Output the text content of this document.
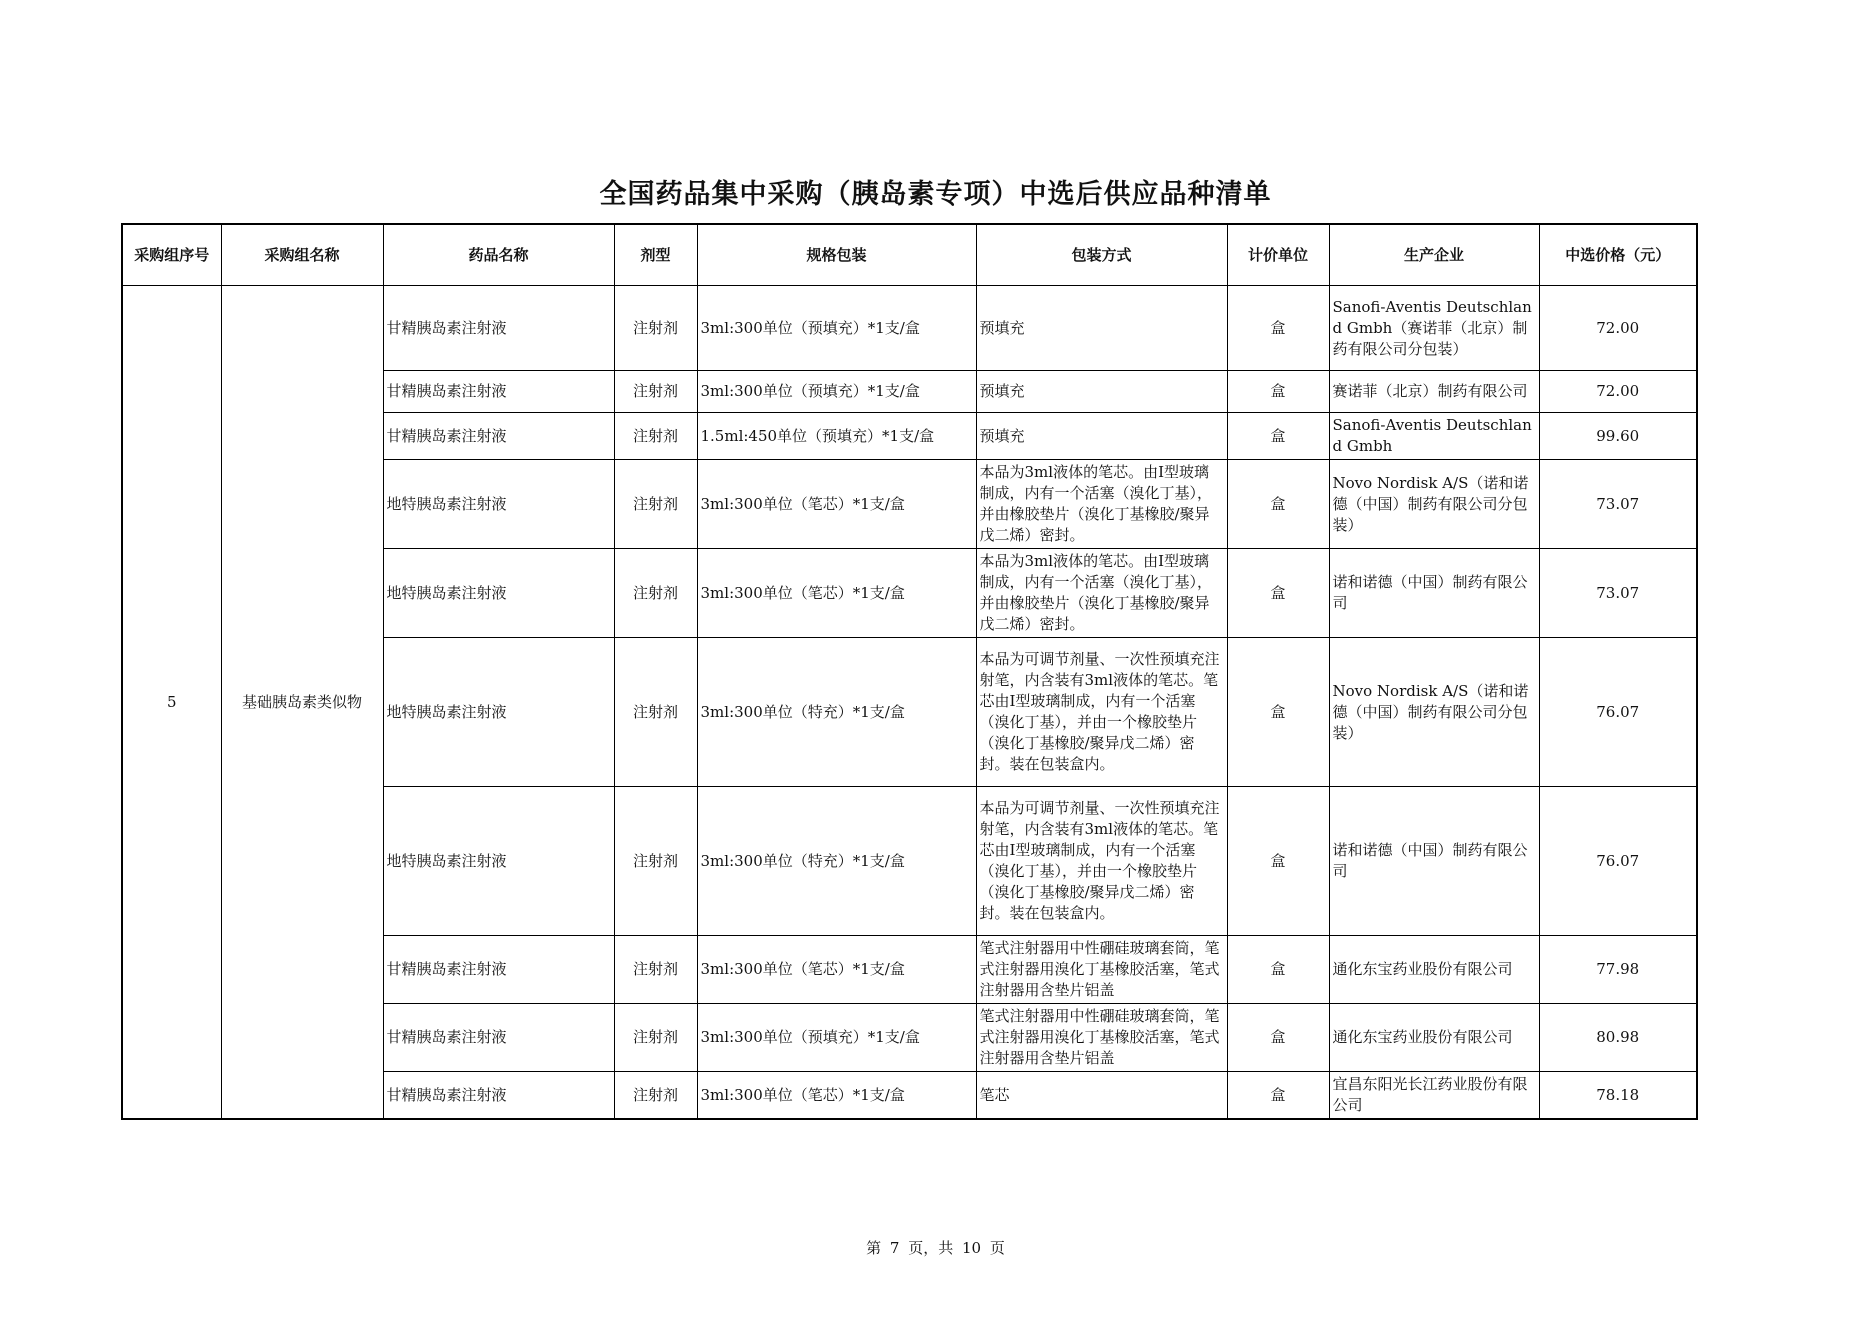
全国药品集中采购（胰岛素专项）中选后供应品种清单
采购组序号	采购组名称	药品名称	剂型	规格包装	包装方式	计价单位	生产企业	中选价格（元）
5	基础胰岛素类似物	甘精胰岛素注射液	注射剂	3ml:300单位（预填充）*1支/盒	预填充	盒	Sanofi-Aventis Deutschland Gmbh（赛诺菲（北京）制药有限公司分包装）	72.00
		甘精胰岛素注射液	注射剂	3ml:300单位（预填充）*1支/盒	预填充	盒	赛诺菲（北京）制药有限公司	72.00
		甘精胰岛素注射液	注射剂	1.5ml:450单位（预填充）*1支/盒	预填充	盒	Sanofi-Aventis Deutschland Gmbh	99.60
		地特胰岛素注射液	注射剂	3ml:300单位（笔芯）*1支/盒	本品为3ml液体的笔芯。由I型玻璃制成，内有一个活塞（溴化丁基），并由橡胶垫片（溴化丁基橡胶/聚异戊二烯）密封。	盒	Novo Nordisk A/S（诺和诺德（中国）制药有限公司分包装）	73.07
		地特胰岛素注射液	注射剂	3ml:300单位（笔芯）*1支/盒	本品为3ml液体的笔芯。由I型玻璃制成，内有一个活塞（溴化丁基），并由橡胶垫片（溴化丁基橡胶/聚异戊二烯）密封。	盒	诺和诺德（中国）制药有限公司	73.07
		地特胰岛素注射液	注射剂	3ml:300单位（特充）*1支/盒	本品为可调节剂量、一次性预填充注射笔，内含装有3ml液体的笔芯。笔芯由I型玻璃制成，内有一个活塞（溴化丁基），并由一个橡胶垫片（溴化丁基橡胶/聚异戊二烯）密封。装在包装盒内。	盒	Novo Nordisk A/S（诺和诺德（中国）制药有限公司分包装）	76.07
		地特胰岛素注射液	注射剂	3ml:300单位（特充）*1支/盒	本品为可调节剂量、一次性预填充注射笔，内含装有3ml液体的笔芯。笔芯由I型玻璃制成，内有一个活塞（溴化丁基），并由一个橡胶垫片（溴化丁基橡胶/聚异戊二烯）密封。装在包装盒内。	盒	诺和诺德（中国）制药有限公司	76.07
		甘精胰岛素注射液	注射剂	3ml:300单位（笔芯）*1支/盒	笔式注射器用中性硼硅玻璃套筒，笔式注射器用溴化丁基橡胶活塞，笔式注射器用含垫片铝盖	盒	通化东宝药业股份有限公司	77.98
		甘精胰岛素注射液	注射剂	3ml:300单位（预填充）*1支/盒	笔式注射器用中性硼硅玻璃套筒，笔式注射器用溴化丁基橡胶活塞，笔式注射器用含垫片铝盖	盒	通化东宝药业股份有限公司	80.98
		甘精胰岛素注射液	注射剂	3ml:300单位（笔芯）*1支/盒	笔芯	盒	宜昌东阳光长江药业股份有限公司	78.18
第 7 页，共 10 页
